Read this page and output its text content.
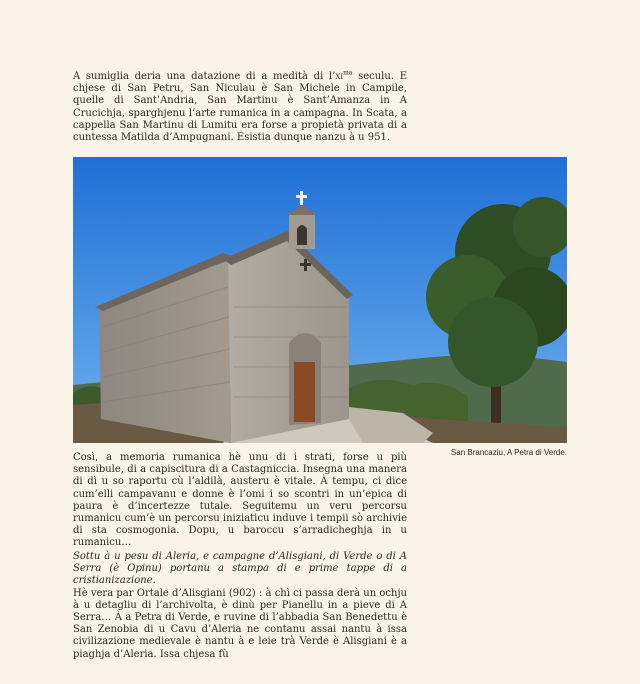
A sumiglia deria una datazione di a medità di $l’xi^{ma}$ seculu. E chjese di San Petru, San Niculau è San Michele in Campile, quelle di Sant’Andria, San Martinu è Sant’Amanza in A Crucichja, sparghjenu l’arte rumanica in a campagna. In Scata, a cappella San Martinu di Lumitu era forse a propietà privata di a cuntessa Matilda d’Ampugnani. Esistia dunque nanzu à u 951.

San Brancaziu, A Petra di Verde.

Così, a memoria rumanica hè unu di i strati, forse u più sensibule, di a capiscitura di a Castagniccia. Insegna una manera di dì u so raportu cù l’aldilà, austeru è vitale. À tempu, ci dice cum’elli campavanu e donne è l’omi i so scontri in un’epica di paura è d’incertezze tutale. Seguitemu un veru percorsu rumanicu cum’è un percorsu iniziaticu induve i tempii sò archivie di sta cosmogonia. Dopu, u baroccu s’arradicheghja in u rumanicu…

Sottu à u pesu di Aleria, e campagne d’Alisgiani, di Verde o di A Serra (è Opinu) portanu a stampa di e prime tappe di a cristianizazione.
Hè vera par Ortale d’Alisgiani (902) : à chì ci passa derà un ochju à u detagliu di l’archivolta, è dinù per Pianellu in a pieve di A Serra… À a Petra di Verde, e ruvine di l’abbadia San Benedettu è San Zenobia di u Cavu d’Aleria ne contanu assai nantu à issa civilizazione medievale è nantu à e leie trà Verde è Alisgiani è a piaghja d’Aleria. Issa chjesa fù
